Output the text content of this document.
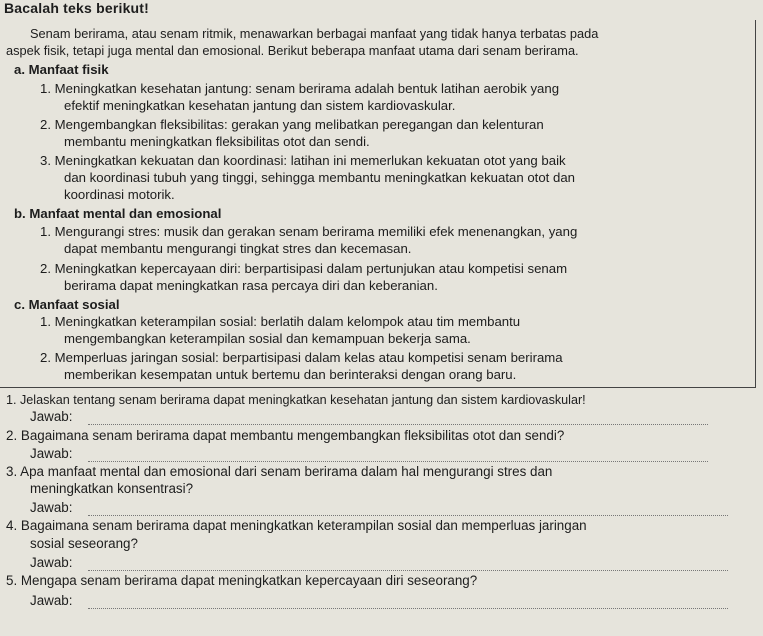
Bacalah teks berikut!
Senam berirama, atau senam ritmik, menawarkan berbagai manfaat yang tidak hanya terbatas pada
aspek fisik, tetapi juga mental dan emosional. Berikut beberapa manfaat utama dari senam berirama.
a. Manfaat fisik
1. Meningkatkan kesehatan jantung: senam berirama adalah bentuk latihan aerobik yang
efektif meningkatkan kesehatan jantung dan sistem kardiovaskular.
2. Mengembangkan fleksibilitas: gerakan yang melibatkan peregangan dan kelenturan
membantu meningkatkan fleksibilitas otot dan sendi.
3. Meningkatkan kekuatan dan koordinasi: latihan ini memerlukan kekuatan otot yang baik
dan koordinasi tubuh yang tinggi, sehingga membantu meningkatkan kekuatan otot dan
koordinasi motorik.
b. Manfaat mental dan emosional
1. Mengurangi stres: musik dan gerakan senam berirama memiliki efek menenangkan, yang
dapat membantu mengurangi tingkat stres dan kecemasan.
2. Meningkatkan kepercayaan diri: berpartisipasi dalam pertunjukan atau kompetisi senam
berirama dapat meningkatkan rasa percaya diri dan keberanian.
c. Manfaat sosial
1. Meningkatkan keterampilan sosial: berlatih dalam kelompok atau tim membantu
mengembangkan keterampilan sosial dan kemampuan bekerja sama.
2. Memperluas jaringan sosial: berpartisipasi dalam kelas atau kompetisi senam berirama
memberikan kesempatan untuk bertemu dan berinteraksi dengan orang baru.
1. Jelaskan tentang senam berirama dapat meningkatkan kesehatan jantung dan sistem kardiovaskular!
Jawab:
2. Bagaimana senam berirama dapat membantu mengembangkan fleksibilitas otot dan sendi?
Jawab:
3. Apa manfaat mental dan emosional dari senam berirama dalam hal mengurangi stres dan
meningkatkan konsentrasi?
Jawab:
4. Bagaimana senam berirama dapat meningkatkan keterampilan sosial dan memperluas jaringan
sosial seseorang?
Jawab:
5. Mengapa senam berirama dapat meningkatkan kepercayaan diri seseorang?
Jawab:
